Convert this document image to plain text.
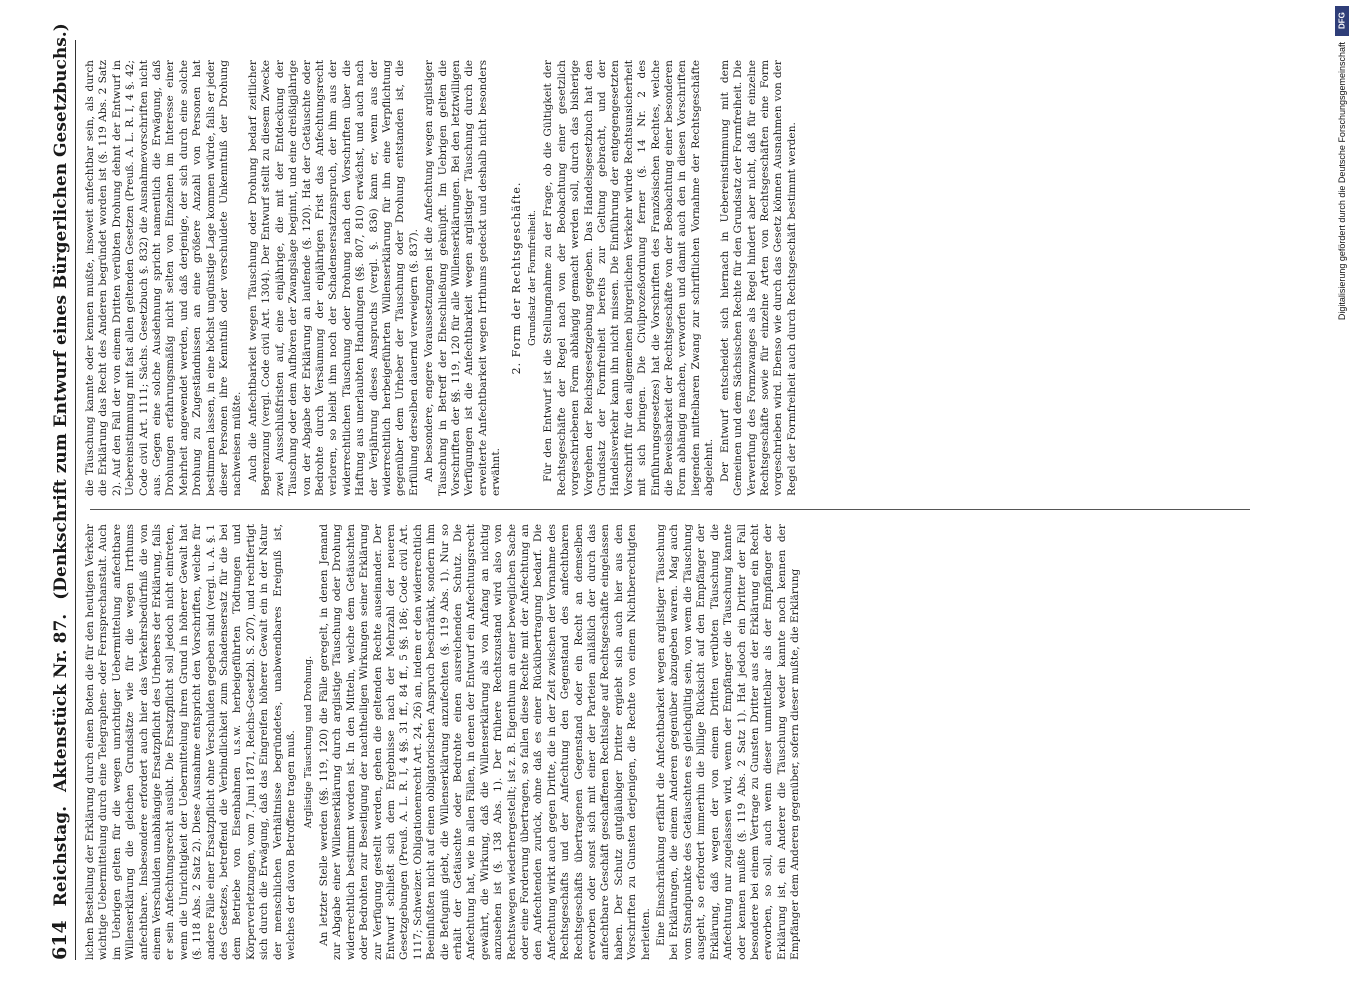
614
Reichstag.
Aktenstück Nr. 87.
(Denkschrift zum Entwurf eines Bürgerlichen Gesetzbuchs.)

lichen Bestellung der Erklärung durch einen Boten die für den heutigen Verkehr wichtige Uebermittelung durch eine Telegraphen- oder Fernsprechanstalt. Auch im Uebrigen gelten für die wegen unrichtiger Uebermittelung anfechtbare Willenserklärung die gleichen Grundsätze wie für die wegen Irrthums anfechtbare. Insbesondere erfordert auch hier das Verkehrsbedürfniß die von einem Verschulden unabhängige Ersatzpflicht des Urhebers der Erklärung, falls er sein Anfechtungsrecht ausübt. Die Ersatzpflicht soll jedoch nicht eintreten, wenn die Unrichtigkeit der Uebermittelung ihren Grund in höherer Gewalt hat (§. 118 Abs. 2 Satz 2). Diese Ausnahme entspricht den Vorschriften, welche für andere Fälle einer Ersatzpflicht ohne Verschulden gegeben sind (vergl. u. A. §. 1 des Gesetzes, betreffend die Verbindlichkeit zum Schadensersatz für die bei dem Betriebe von Eisenbahnen u.s.w. herbeigeführten Tödtungen und Körperverletzungen, vom 7. Juni 1871, Reichs-Gesetzbl. S. 207), und rechtfertigt sich durch die Erwägung, daß das Eingreifen höherer Gewalt ein in der Natur der menschlichen Verhältnisse begründetes, unabwendbares Ereigniß ist, welches der davon Betroffene tragen muß. Arglistige Täuschung und Drohung. An letzter Stelle werden (§§. 119, 120) die Fälle geregelt, in denen Jemand zur Abgabe einer Willenserklärung durch arglistige Täuschung oder Drohung widerrechtlich bestimmt worden ist. In den Mitteln, welche dem Getäuschten oder Bedrohten zur Beseitigung der nachtheiligen Wirkungen seiner Erklärung zur Verfügung gestellt werden, gehen die geltenden Rechte auseinander. Der Entwurf schließt sich dem Ergebnisse nach der Mehrzahl der neueren Gesetzgebungen (Preuß. A. L. R. I, 4 §§. 31 ff., 84 ff., 5 §§. 186; Code civil Art. 1117; Schweizer. Obligationenrecht Art. 24, 26) an, indem er den widerrechtlich Beeinflußten nicht auf einen obligatorischen Anspruch beschränkt, sondern ihm die Befugniß giebt, die Willenserklärung anzufechten (§. 119 Abs. 1). Nur so erhält der Getäuschte oder Bedrohte einen ausreichenden Schutz. Die Anfechtung hat, wie in allen Fällen, in denen der Entwurf ein Anfechtungsrecht gewährt, die Wirkung, daß die Willenserklärung als von Anfang an nichtig anzusehen ist (§. 138 Abs. 1). Der frühere Rechtszustand wird also von Rechtswegen wiederhergestellt; ist z. B. Eigenthum an einer beweglichen Sache oder eine Forderung übertragen, so fallen diese Rechte mit der Anfechtung an den Anfechtenden zurück, ohne daß es einer Rückübertragung bedarf. Die Anfechtung wirkt auch gegen Dritte, die in der Zeit zwischen der Vornahme des Rechtsgeschäfts und der Anfechtung den Gegenstand des anfechtbaren Rechtsgeschäfts übertragenen Gegenstand oder ein Recht an demselben erworben oder sonst sich mit einer der Parteien anläßlich der durch das anfechtbare Geschäft geschaffenen Rechtslage auf Rechtsgeschäfte eingelassen haben. Der Schutz gutgläubiger Dritter ergiebt sich auch hier aus den Vorschriften zu Gunsten derjenigen, die Rechte von einem Nichtberechtigten herleiten. Eine Einschränkung erfährt die Anfechtbarkeit wegen arglistiger Täuschung bei Erklärungen, die einem Anderen gegenüber abzugeben waren. Mag auch vom Standpunkte des Getäuschten es gleichgültig sein, von wem die Täuschung ausgeht, so erfordert immerhin die billige Rücksicht auf den Empfänger der Erklärung, daß wegen der von einem Dritten verübten Täuschung die Anfechtung nur zugelassen wird, wenn der Empfänger die Täuschung kannte oder kennen mußte (§. 119 Abs. 2 Satz 1). Hat jedoch ein Dritter der Fall besondere bei einem Vertrage zu Gunsten Dritter aus der Erklärung ein Recht erworben, so soll, auch wenn dieser unmittelbar als der Empfänger der Erklärung ist, ein Anderer die Täuschung weder kannte noch kennen der Empfänger dem Anderen gegenüber, sofern dieser mußte, die Erklärung

die Täuschung kannte oder kennen mußte, insoweit anfechtbar sein, als durch die Erklärung das Recht des Anderen begründet worden ist (§. 119 Abs. 2 Satz 2). Auf den Fall der von einem Dritten verübten Drohung dehnt der Entwurf in Uebereinstimmung mit fast allen geltenden Gesetzen (Preuß. A. L. R. I, 4 §. 42; Code civil Art. 1111; Sächs. Gesetzbuch §. 832) die Ausnahmevorschriften nicht aus. Gegen eine solche Ausdehnung spricht namentlich die Erwägung, daß Drohungen erfahrungsmäßig nicht selten von Einzelnen im Interesse einer Mehrheit angewendet werden, und daß derjenige, der sich durch eine solche Drohung zu Zugeständnissen an eine größere Anzahl von Personen hat bestimmen lassen, in eine höchst ungünstige Lage kommen würde, falls er jeder dieser Personen ihre Kenntniß oder verschuldete Unkenntniß der Drohung nachweisen müßte. Auch die Anfechtbarkeit wegen Täuschung oder Drohung bedarf zeitlicher Begrenzung (vergl. Code civil Art. 1304). Der Entwurf stellt zu diesem Zwecke zwei Ausschlußfristen auf, eine einjährige, die mit der Entdeckung der Täuschung oder dem Aufhören der Zwangslage beginnt, und eine dreißigjährige von der Abgabe der Erklärung an laufende (§. 120). Hat der Getäuschte oder Bedrohte durch Versäumung der einjährigen Frist das Anfechtungsrecht verloren, so bleibt ihm noch der Schadensersatzanspruch, der ihm aus der widerrechtlichen Täuschung oder Drohung nach den Vorschriften über die Haftung aus unerlaubten Handlungen (§§. 807, 810) erwächst, und auch nach der Verjährung dieses Anspruchs (vergl. §. 836) kann er, wenn aus der widerrechtlich herbeigeführten Willenserklärung für ihn eine Verpflichtung gegenüber dem Urheber der Täuschung oder Drohung entstanden ist, die Erfüllung derselben dauernd verweigern (§. 837). An besondere, engere Voraussetzungen ist die Anfechtung wegen arglistiger Täuschung in Betreff der Eheschließung geknüpft. Im Uebrigen gelten die Vorschriften der §§. 119, 120 für alle Willenserklärungen. Bei den letztwilligen Verfügungen ist die Anfechtbarkeit wegen arglistiger Täuschung durch die erweiterte Anfechtbarkeit wegen Irrthums gedeckt und deshalb nicht besonders erwähnt.

2. Form der Rechtsgeschäfte. Grundsatz der Formfreiheit. Für den Entwurf ist die Stellungnahme zu der Frage, ob die Gültigkeit der Rechtsgeschäfte der Regel nach von der Beobachtung einer gesetzlich vorgeschriebenen Form abhängig gemacht werden soll, durch das bisherige Vorgehen der Reichsgesetzgebung gegeben. Das Handelsgesetzbuch hat den Grundsatz der Formfreiheit bereits zur Geltung gebracht, und der Handelsverkehr kann ihn nicht missen. Die Einführung der entgegengesetzten Vorschrift für den allgemeinen bürgerlichen Verkehr würde Rechtsunsicherheit mit sich bringen. Die Civilprozeßordnung ferner (§. 14 Nr. 2 des Einführungsgesetzes) hat die Vorschriften des Französischen Rechtes, welche die Beweisbarkeit der Rechtsgeschäfte von der Beobachtung einer besonderen Form abhängig machen, verworfen und damit auch den in diesen Vorschriften liegenden mittelbaren Zwang zur schriftlichen Vornahme der Rechtsgeschäfte abgelehnt. Der Entwurf entscheidet sich hiernach in Uebereinstimmung mit dem Gemeinen und dem Sächsischen Rechte für den Grundsatz der Formfreiheit. Die Verwerfung des Formzwanges als Regel hindert aber nicht, daß für einzelne Rechtsgeschäfte sowie für einzelne Arten von Rechtsgeschäften eine Form vorgeschrieben wird. Ebenso wie durch das Gesetz können Ausnahmen von der Regel der Formfreiheit auch durch Rechtsgeschäft bestimmt werden.

DFG
Digitalisierung gefördert durch die Deutsche Forschungsgemeinschaft
